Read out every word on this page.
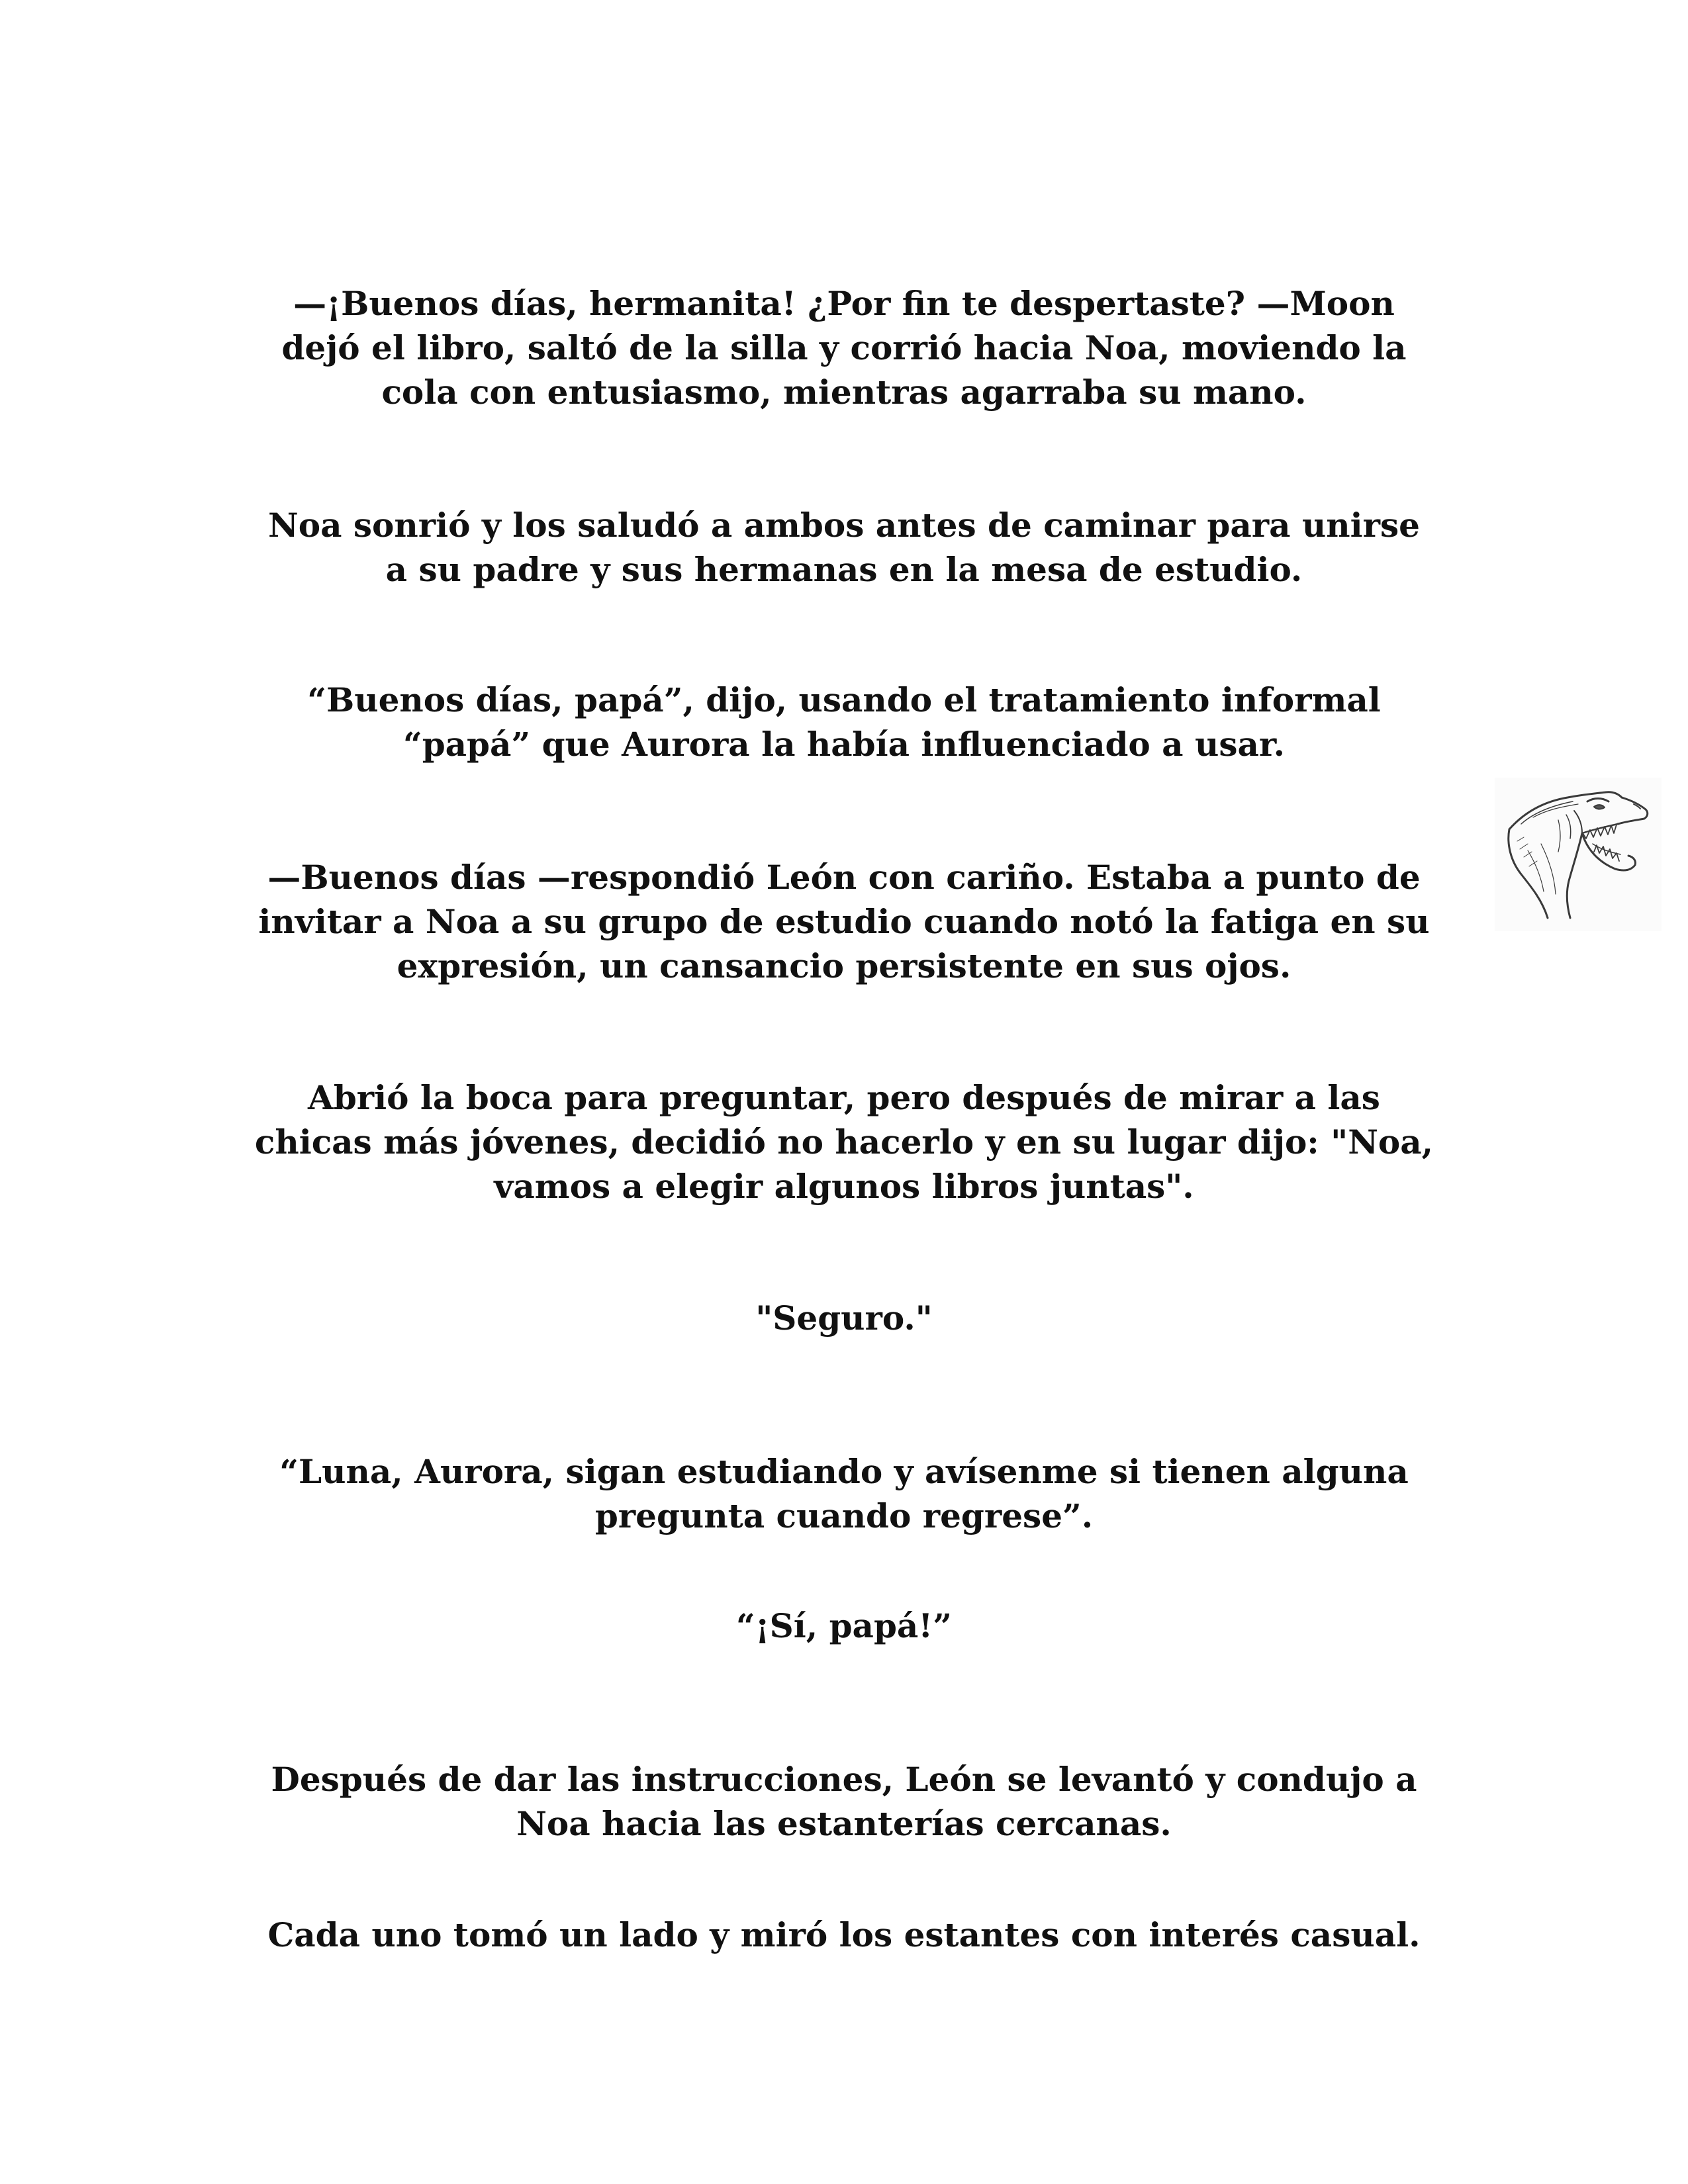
—¡Buenos días, hermanita! ¿Por fin te despertaste? —Moon
dejó el libro, saltó de la silla y corrió hacia Noa, moviendo la
cola con entusiasmo, mientras agarraba su mano.

Noa sonrió y los saludó a ambos antes de caminar para unirse
a su padre y sus hermanas en la mesa de estudio.

“Buenos días, papá”, dijo, usando el tratamiento informal
“papá” que Aurora la había influenciado a usar.

—Buenos días —respondió León con cariño. Estaba a punto de
invitar a Noa a su grupo de estudio cuando notó la fatiga en su
expresión, un cansancio persistente en sus ojos.

Abrió la boca para preguntar, pero después de mirar a las
chicas más jóvenes, decidió no hacerlo y en su lugar dijo: "Noa,
vamos a elegir algunos libros juntas".

"Seguro."

“Luna, Aurora, sigan estudiando y avísenme si tienen alguna
pregunta cuando regrese”.

“¡Sí, papá!”

Después de dar las instrucciones, León se levantó y condujo a
Noa hacia las estanterías cercanas.

Cada uno tomó un lado y miró los estantes con interés casual.
